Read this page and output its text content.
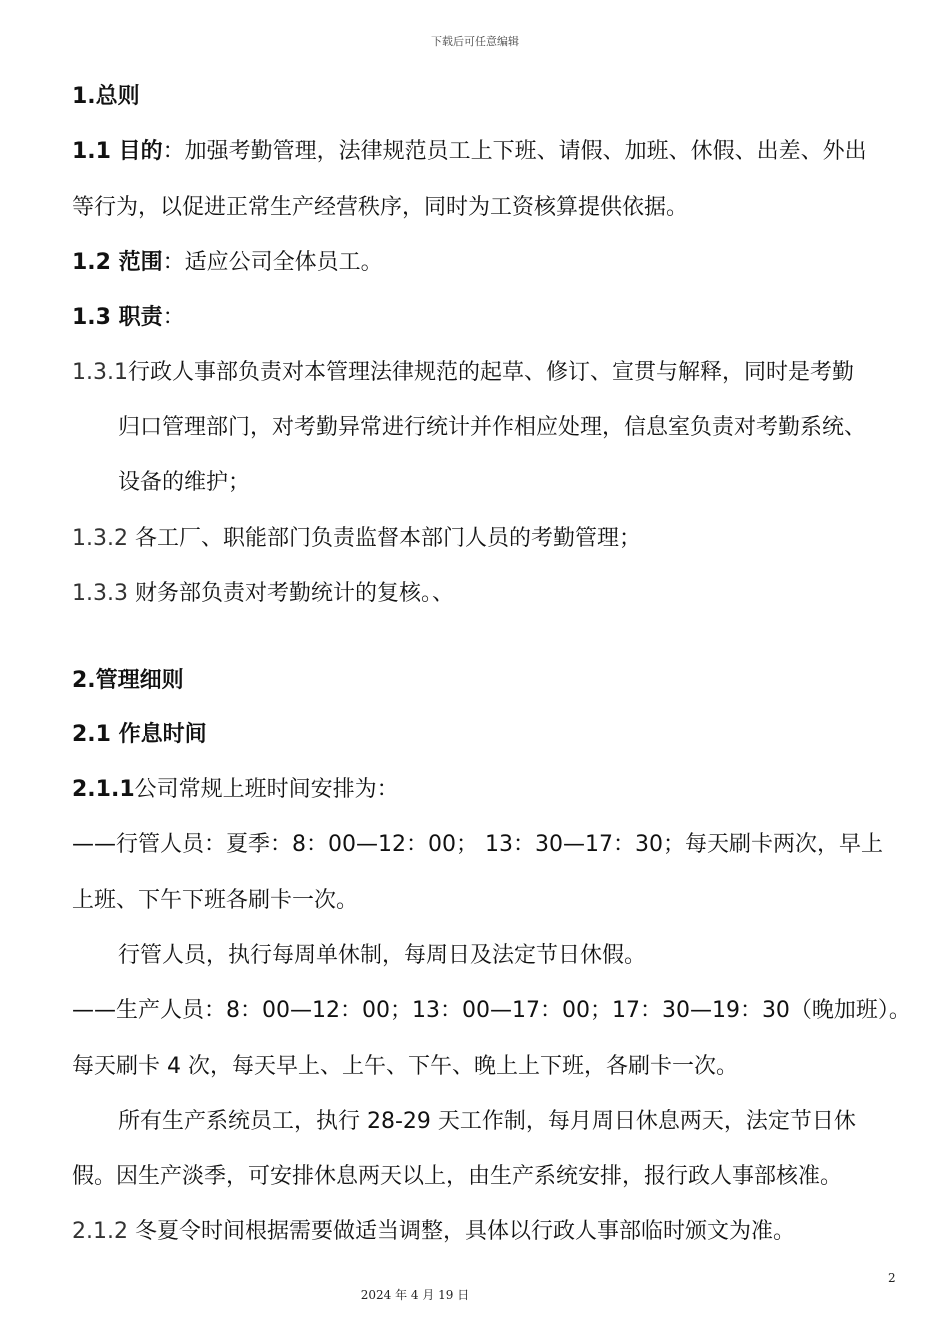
下载后可任意编辑
1.总则
1.1 目的：加强考勤管理，法律规范员工上下班、请假、加班、休假、出差、外出
等行为，以促进正常生产经营秩序，同时为工资核算提供依据。
1.2 范围：适应公司全体员工。
1.3 职责：
1.3.1行政人事部负责对本管理法律规范的起草、修订、宣贯与解释，同时是考勤
归口管理部门，对考勤异常进行统计并作相应处理，信息室负责对考勤系统、
设备的维护；
1.3.2 各工厂、职能部门负责监督本部门人员的考勤管理；
1.3.3 财务部负责对考勤统计的复核。、
2.管理细则
2.1 作息时间
2.1.1公司常规上班时间安排为：
——行管人员：夏季：8：00—12：00； 13：30—17：30；每天刷卡两次，早上
上班、下午下班各刷卡一次。
行管人员，执行每周单休制，每周日及法定节日休假。
——生产人员：8：00—12：00；13：00—17：00；17：30—19：30（晚加班）。
每天刷卡 4 次，每天早上、上午、下午、晚上上下班，各刷卡一次。
所有生产系统员工，执行 28-29 天工作制，每月周日休息两天，法定节日休
假。因生产淡季，可安排休息两天以上，由生产系统安排，报行政人事部核准。
2.1.2 冬夏令时间根据需要做适当调整，具体以行政人事部临时颁文为准。
2
2024 年 4 月 19 日
